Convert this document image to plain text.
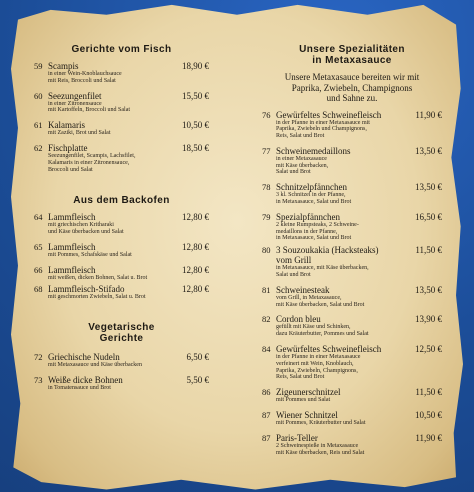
Gerichte vom Fisch
59 Scampis	18,90 €
in einer Wein-Knoblauchsauce
mit Reis, Broccoli und Salat
60 Seezungenfilet	15,50 €
in einer Zitronensauce
mit Kartoffeln, Broccoli und Salat
61 Kalamaris	10,50 €
mit Zaziki, Brot und Salat
62 Fischplatte	18,50 €
Seezungenfilet, Scampis, Lachsfilet,
Kalamaris in einer Zitronensauce,
Broccoli und Salat
Aus dem Backofen
64 Lammfleisch	12,80 €
mit griechischen Kritharaki
und Käse überbacken und Salat
65 Lammfleisch	12,80 €
mit Pommes, Schafskäse und Salat
66 Lammfleisch	12,80 €
mit weißen, dicken Bohnen, Salat u. Brot
68 Lammfleisch-Stifado	12,80 €
mit geschmorten Zwiebeln, Salat u. Brot
Vegetarische
Gerichte
72 Griechische Nudeln	6,50 €
mit Metaxasauce und Käse überbacken
73 Weiße dicke Bohnen	5,50 €
in Tomatensauce und Brot
Unsere Spezialitäten
in Metaxasauce
Unsere Metaxasauce bereiten wir mit
Paprika, Zwiebeln, Champignons
und Sahne zu.
76 Gewürfeltes Schweinefleisch	11,90 €
in der Pfanne in einer Metaxasauce mit
Paprika, Zwiebeln und Champignons,
Reis, Salat und Brot
77 Schweinemedaillons	13,50 €
in einer Metaxasauce
mit Käse überbacken,
Salat und Brot
78 Schnitzelpfännchen	13,50 €
3 kl. Schnitzel in der Pfanne,
in Metaxasauce, Salat und Brot
79 Spezialpfännchen	16,50 €
2 kleine Rumpsteaks, 2 Schweine-
medaillons in der Pfanne,
in Metaxasauce, Salat und Brot
80 3 Souzoukakia (Hacksteaks)
vom Grill
11,50 €
in Metaxasauce, mit Käse überbacken,
Salat und Brot
81 Schweinesteak	13,50 €
vom Grill, in Metaxasauce,
mit Käse überbacken, Salat und Brot
82 Cordon bleu	13,90 €
gefüllt mit Käse und Schinken,
dazu Kräuterbutter, Pommes und Salat
84 Gewürfeltes Schweinefleisch	12,50 €
in der Pfanne in einer Metaxasauce
verfeinert mit Wein, Knoblauch,
Paprika, Zwiebeln, Champignons,
Reis, Salat und Brot
86 Zigeunerschnitzel	11,50 €
mit Pommes und Salat
87 Wiener Schnitzel	10,50 €
mit Pommes, Kräuterbutter und Salat
87 Paris-Teller	11,90 €
2 Schweinespieße in Metaxasauce
mit Käse überbacken, Reis und Salat
